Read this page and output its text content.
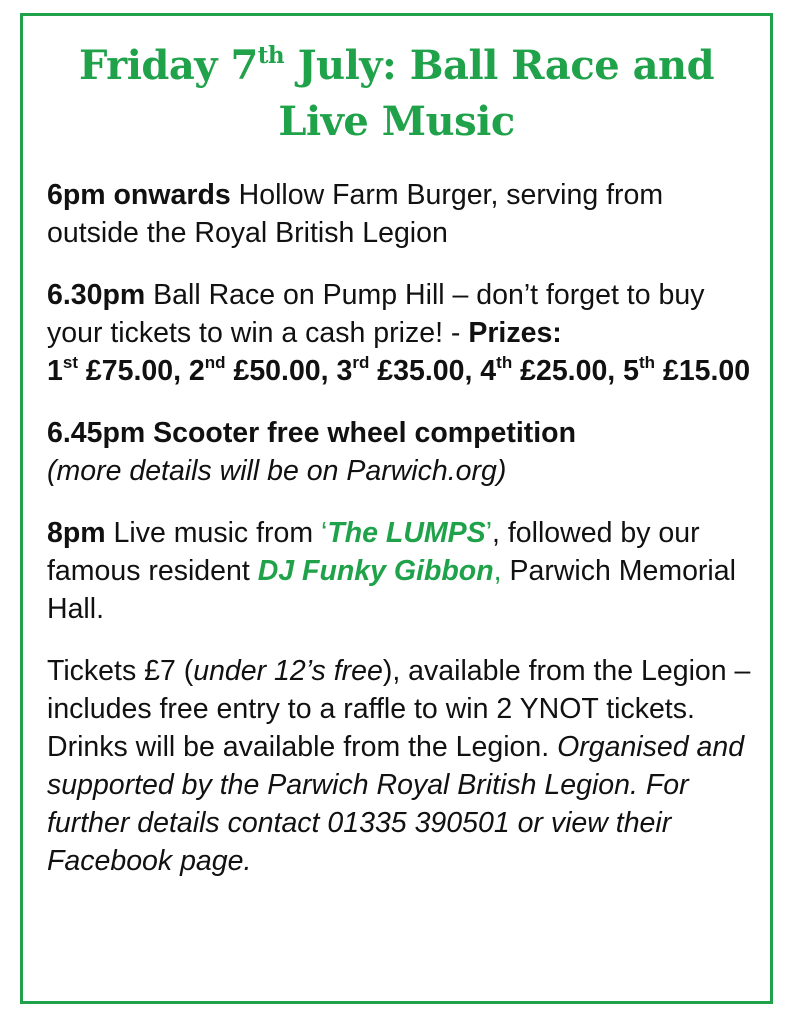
Friday 7th July: Ball Race and
Live Music

6pm onwards Hollow Farm Burger, serving from outside the Royal British Legion

6.30pm Ball Race on Pump Hill – don’t forget to buy your tickets to win a cash prize! - Prizes:
1st £75.00, 2nd £50.00, 3rd £35.00, 4th £25.00, 5th £15.00

6.45pm Scooter free wheel competition
(more details will be on Parwich.org)

8pm Live music from ‘The LUMPS’, followed by our famous resident DJ Funky Gibbon, Parwich Memorial Hall.

Tickets £7 (under 12’s free), available from the Legion – includes free entry to a raffle to win 2 YNOT tickets. Drinks will be available from the Legion. Organised and supported by the Parwich Royal British Legion. For further details contact 01335 390501 or view their Facebook page.
